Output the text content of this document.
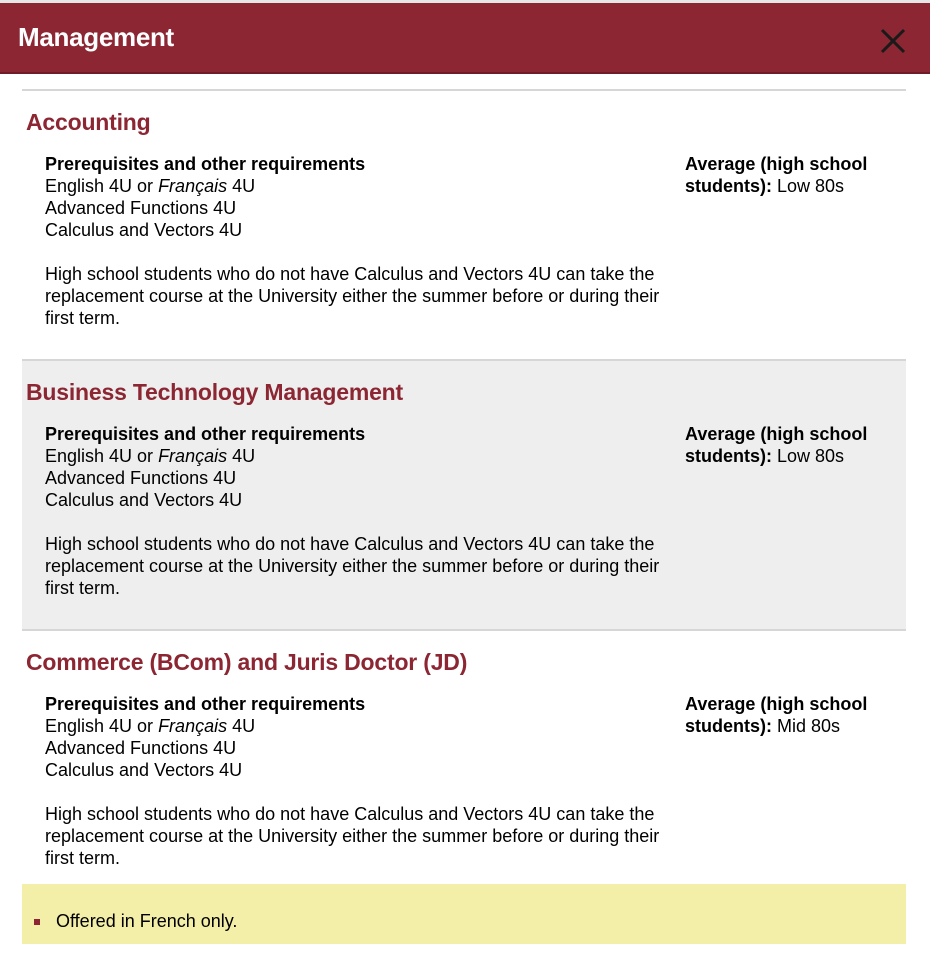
Management
Accounting
Prerequisites and other requirements
English 4U or Français 4U
Advanced Functions 4U
Calculus and Vectors 4U
High school students who do not have Calculus and Vectors 4U can take the replacement course at the University either the summer before or during their first term.
Average (high school students): Low 80s
Business Technology Management
Prerequisites and other requirements
English 4U or Français 4U
Advanced Functions 4U
Calculus and Vectors 4U
High school students who do not have Calculus and Vectors 4U can take the replacement course at the University either the summer before or during their first term.
Average (high school students): Low 80s
Commerce (BCom) and Juris Doctor (JD)
Prerequisites and other requirements
English 4U or Français 4U
Advanced Functions 4U
Calculus and Vectors 4U
High school students who do not have Calculus and Vectors 4U can take the replacement course at the University either the summer before or during their first term.
Average (high school students): Mid 80s
Offered in French only.
